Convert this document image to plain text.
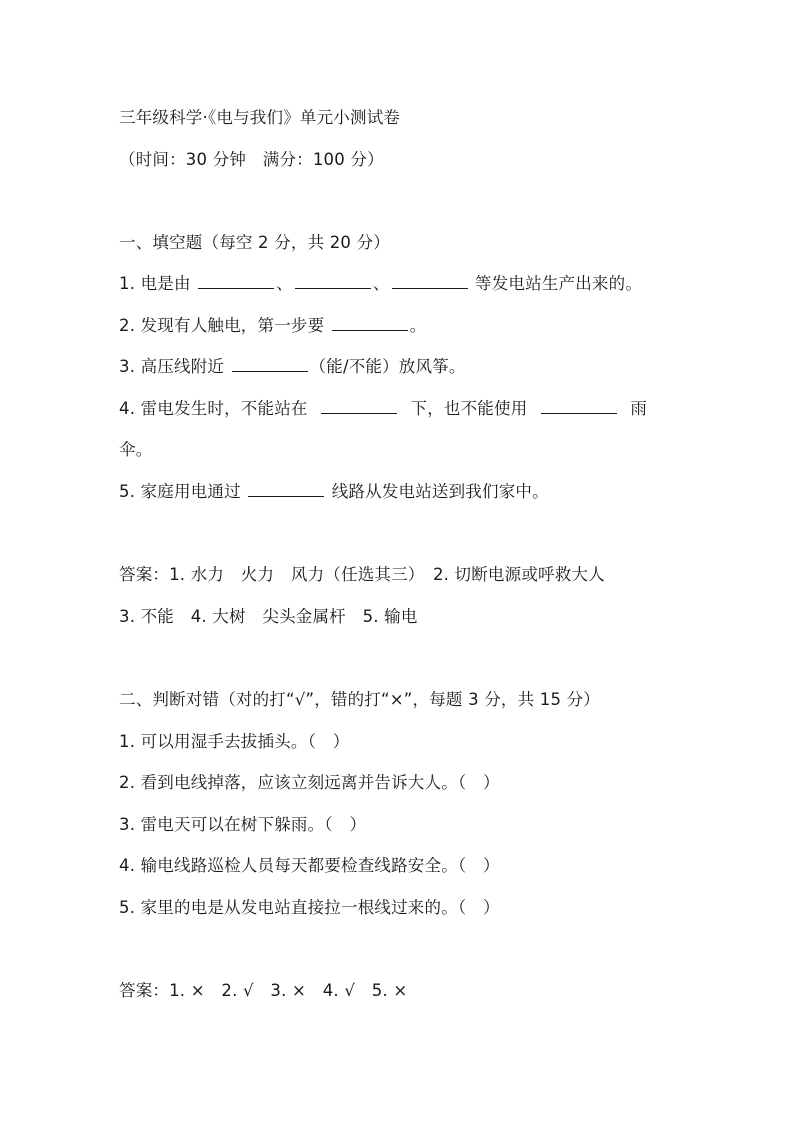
三年级科学·《电与我们》单元小测试卷
（时间：30 分钟　满分：100 分）
一、填空题（每空 2 分，共 20 分）
1. 电是由	、	、	等发电站生产出来的。
2. 发现有人触电，第一步要	。
3. 高压线附近	（能/不能）放风筝。
4. 雷电发生时，不能站在	下，也不能使用	雨
伞。
5. 家庭用电通过	线路从发电站送到我们家中。
答案：1. 水力　火力　风力（任选其三）　2. 切断电源或呼救大人
3. 不能　4. 大树　尖头金属杆　5. 输电
二、判断对错（对的打“√”，错的打“×”，每题 3 分，共 15 分）
1. 可以用湿手去拔插头。（　）
2. 看到电线掉落，应该立刻远离并告诉大人。（　）
3. 雷电天可以在树下躲雨。（　）
4. 输电线路巡检人员每天都要检查线路安全。（　）
5. 家里的电是从发电站直接拉一根线过来的。（　）
答案：1. ×　2. √　3. ×　4. √　5. ×
